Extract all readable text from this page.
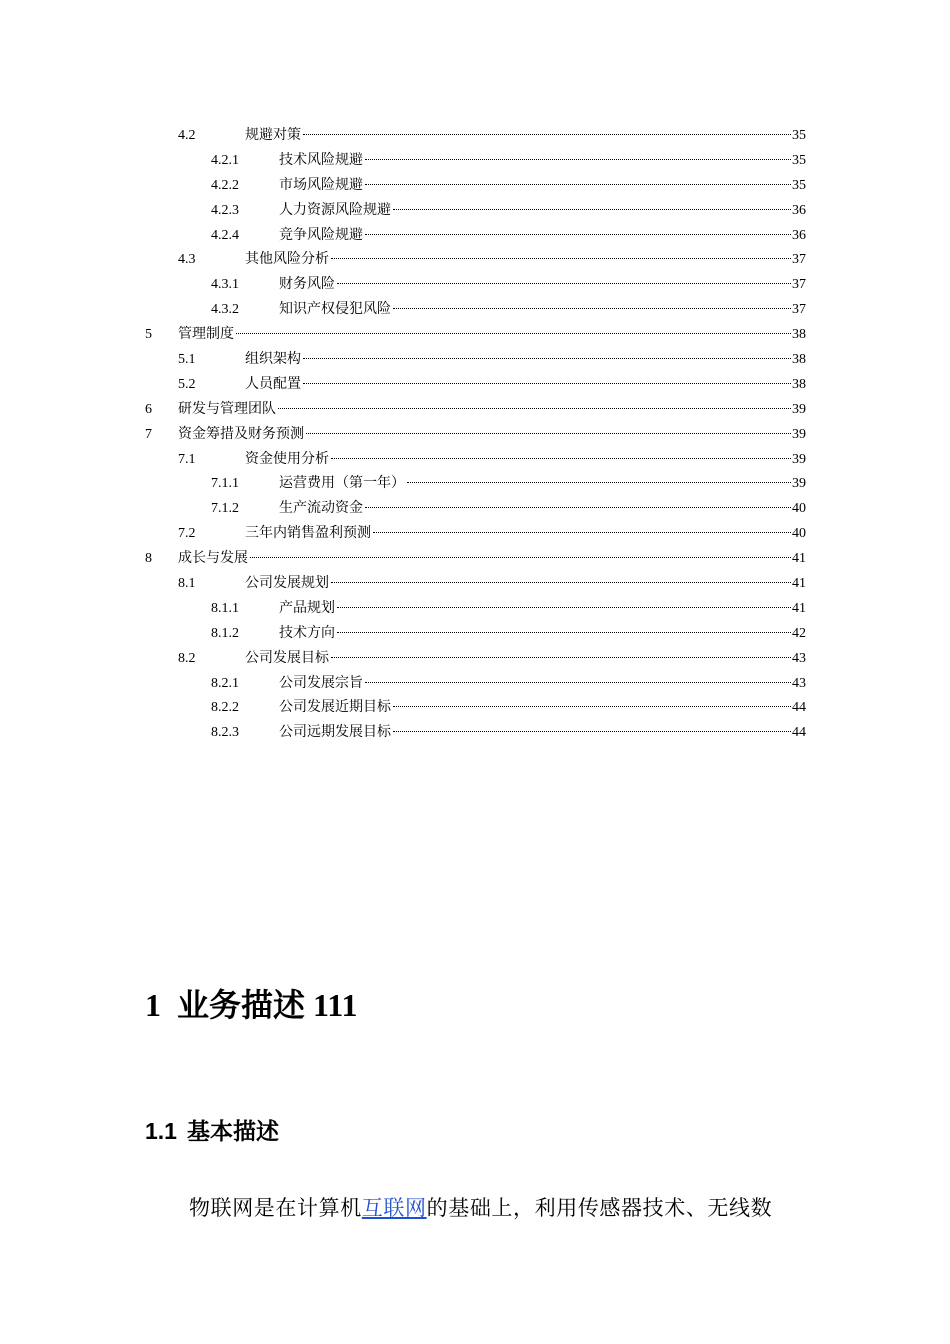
4.2	规避对策	35
4.2.1	技术风险规避	35
4.2.2	市场风险规避	35
4.2.3	人力资源风险规避	36
4.2.4	竞争风险规避	36
4.3	其他风险分析	37
4.3.1	财务风险	37
4.3.2	知识产权侵犯风险	37
5 管理制度	38
5.1	组织架构	38
5.2	人员配置	38
6 研发与管理团队	39
7 资金筹措及财务预测	39
7.1	资金使用分析	39
7.1.1	运营费用（第一年）	39
7.1.2	生产流动资金	40
7.2	三年内销售盈利预测	40
8 成长与发展	41
8.1	公司发展规划	41
8.1.1	产品规划	41
8.1.2	技术方向	42
8.2	公司发展目标	43
8.2.1	公司发展宗旨	43
8.2.2	公司发展近期目标	44
8.2.3	公司远期发展目标	44
1 业务描述 111
1.1 基本描述
物联网是在计算机互联网的基础上，利用传感器技术、无线数
